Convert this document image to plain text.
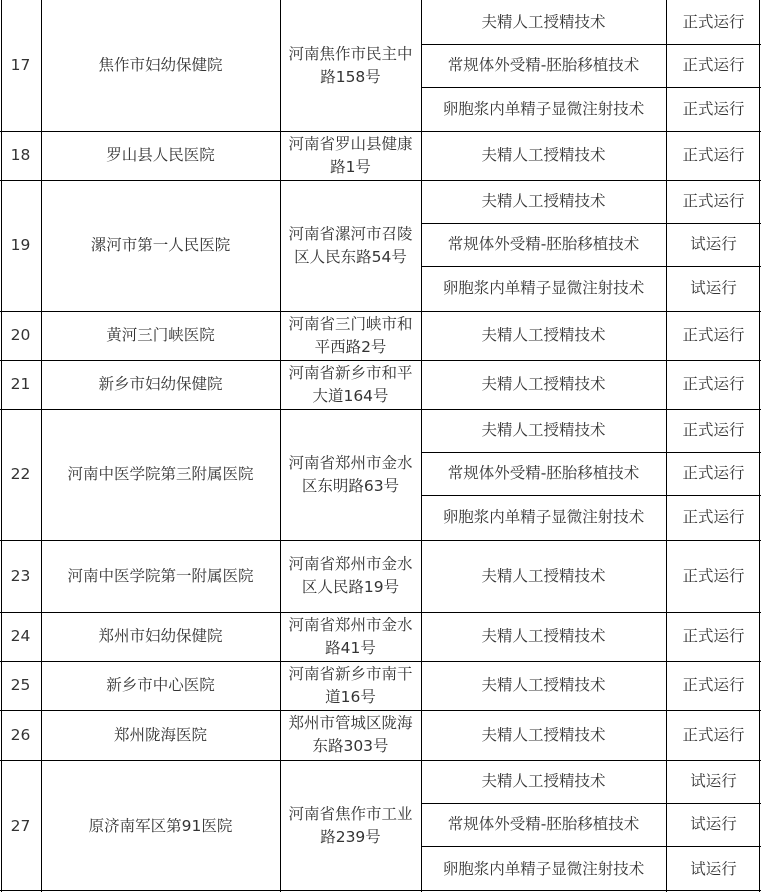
17	焦作市妇幼保健院
河南焦作市民主中路158号
夫精人工授精技术	正式运行
常规体外受精-胚胎移植技术	正式运行
卵胞浆内单精子显微注射技术	正式运行
18	罗山县人民医院
河南省罗山县健康路1号
夫精人工授精技术	正式运行
19	漯河市第一人民医院
河南省漯河市召陵区人民东路54号
夫精人工授精技术	正式运行
常规体外受精-胚胎移植技术	试运行
卵胞浆内单精子显微注射技术	试运行
20	黄河三门峡医院
河南省三门峡市和平西路2号
夫精人工授精技术	正式运行
21	新乡市妇幼保健院
河南省新乡市和平大道164号
夫精人工授精技术	正式运行
22	河南中医学院第三附属医院
河南省郑州市金水区东明路63号
夫精人工授精技术	正式运行
常规体外受精-胚胎移植技术	正式运行
卵胞浆内单精子显微注射技术	正式运行
23	河南中医学院第一附属医院
河南省郑州市金水区人民路19号
夫精人工授精技术	正式运行
24	郑州市妇幼保健院
河南省郑州市金水路41号
夫精人工授精技术	正式运行
25	新乡市中心医院
河南省新乡市南干道16号
夫精人工授精技术	正式运行
26	郑州陇海医院
郑州市管城区陇海东路303号
夫精人工授精技术	正式运行
27	原济南军区第91医院
河南省焦作市工业路239号
夫精人工授精技术	试运行
常规体外受精-胚胎移植技术	试运行
卵胞浆内单精子显微注射技术	试运行
